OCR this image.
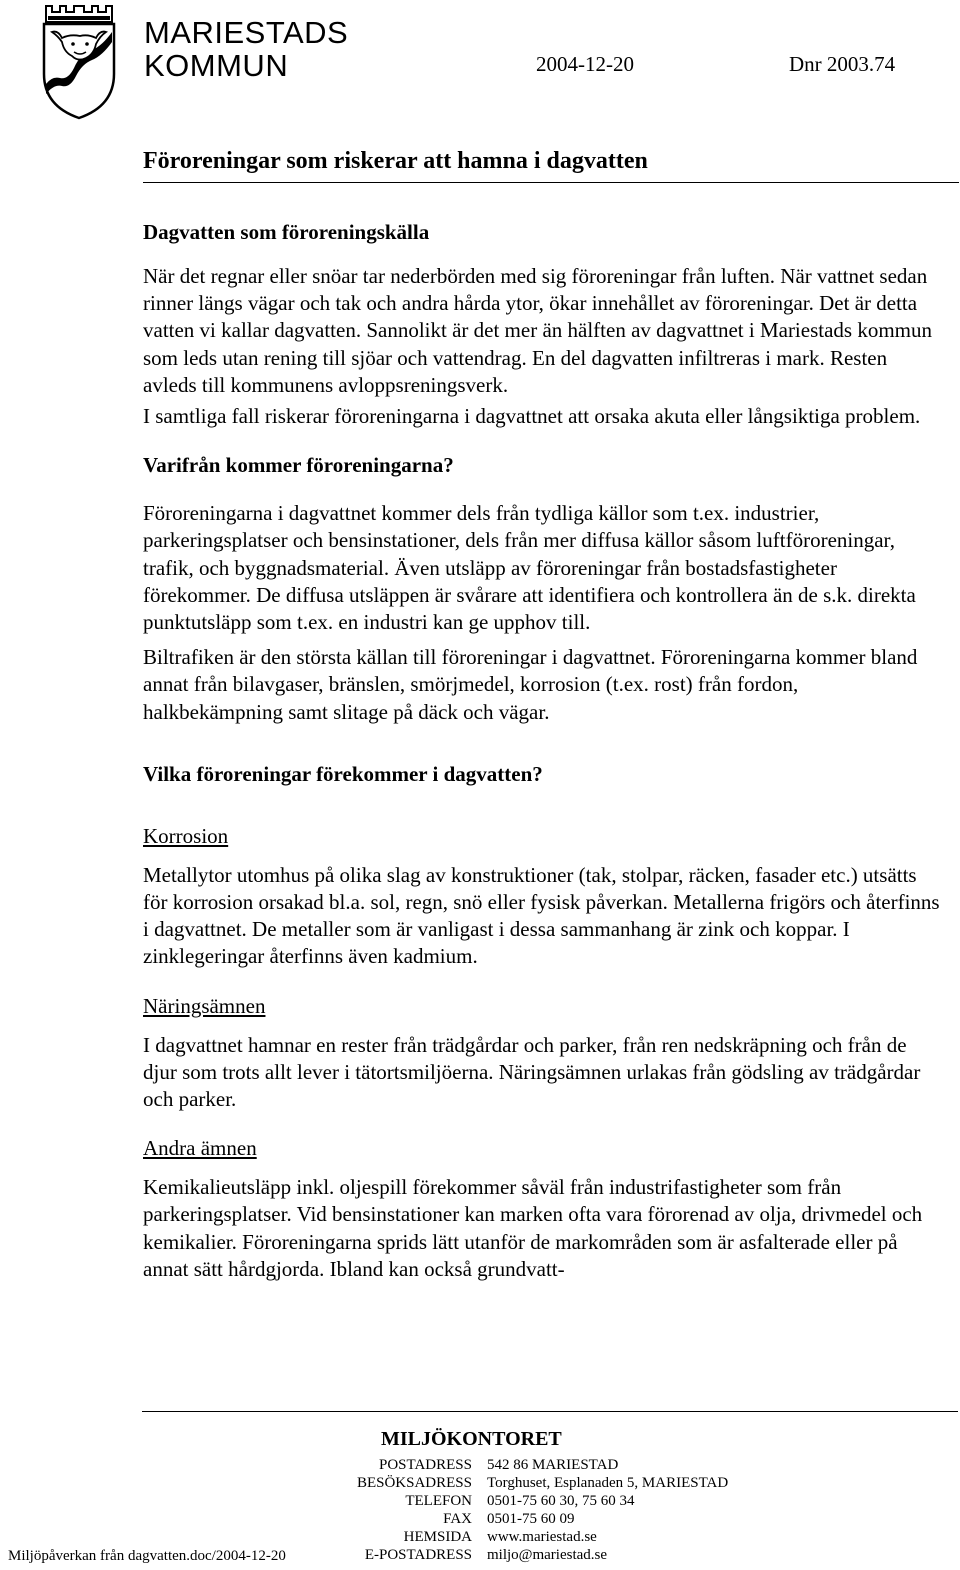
MARIESTADS
KOMMUN	2004-12-20	Dnr 2003.74
Föroreningar som riskerar att hamna i dagvatten
Dagvatten som föroreningskälla

När det regnar eller snöar tar nederbörden med sig föroreningar från luften. När vattnet sedan rinner längs vägar och tak och andra hårda ytor, ökar innehållet av föroreningar. Det är detta vatten vi kallar dagvatten. Sannolikt är det mer än hälften av dagvattnet i Mariestads kommun som leds utan rening till sjöar och vattendrag. En del dagvatten infiltreras i mark. Resten avleds till kommunens avloppsreningsverk.

I samtliga fall riskerar föroreningarna i dagvattnet att orsaka akuta eller långsiktiga problem.

Varifrån kommer föroreningarna?

Föroreningarna i dagvattnet kommer dels från tydliga källor som t.ex. industrier, parkeringsplatser och bensinstationer, dels från mer diffusa källor såsom luftföroreningar, trafik, och byggnadsmaterial. Även utsläpp av föroreningar från bostadsfastigheter förekommer. De diffusa utsläppen är svårare att identifiera och kontrollera än de s.k. direkta punktutsläpp som t.ex. en industri kan ge upphov till.

Biltrafiken är den största källan till föroreningar i dagvattnet. Föroreningarna kommer bland annat från bilavgaser, bränslen, smörjmedel, korrosion (t.ex. rost) från fordon, halkbekämpning samt slitage på däck och vägar.

Vilka föroreningar förekommer i dagvatten?
Korrosion

Metallytor utomhus på olika slag av konstruktioner (tak, stolpar, räcken, fasader etc.) utsätts för korrosion orsakad bl.a. sol, regn, snö eller fysisk påverkan. Metallerna frigörs och återfinns i dagvattnet. De metaller som är vanligast i dessa sammanhang är zink och koppar. I zinklegeringar återfinns även kadmium.

Näringsämnen

I dagvattnet hamnar en rester från trädgårdar och parker, från ren nedskräpning och från de djur som trots allt lever i tätortsmiljöerna. Näringsämnen urlakas från gödsling av trädgårdar och parker.

Andra ämnen

Kemikalieutsläpp inkl. oljespill förekommer såväl från industrifastigheter som från parkeringsplatser. Vid bensinstationer kan marken ofta vara förorenad av olja, drivmedel och kemikalier. Föroreningarna sprids lätt utanför de markområden som är asfalterade eller på annat sätt hårdgjorda. Ibland kan också grundvatt-

MILJÖKONTORET
POSTADRESS 542 86 MARIESTAD
BESÖKSADRESS Torghuset, Esplanaden 5, MARIESTAD
TELEFON 0501-75 60 30, 75 60 34
FAX 0501-75 60 09
HEMSIDA www.mariestad.se
E-POSTADRESS miljo@mariestad.se
Miljöpåverkan från dagvatten.doc/2004-12-20
